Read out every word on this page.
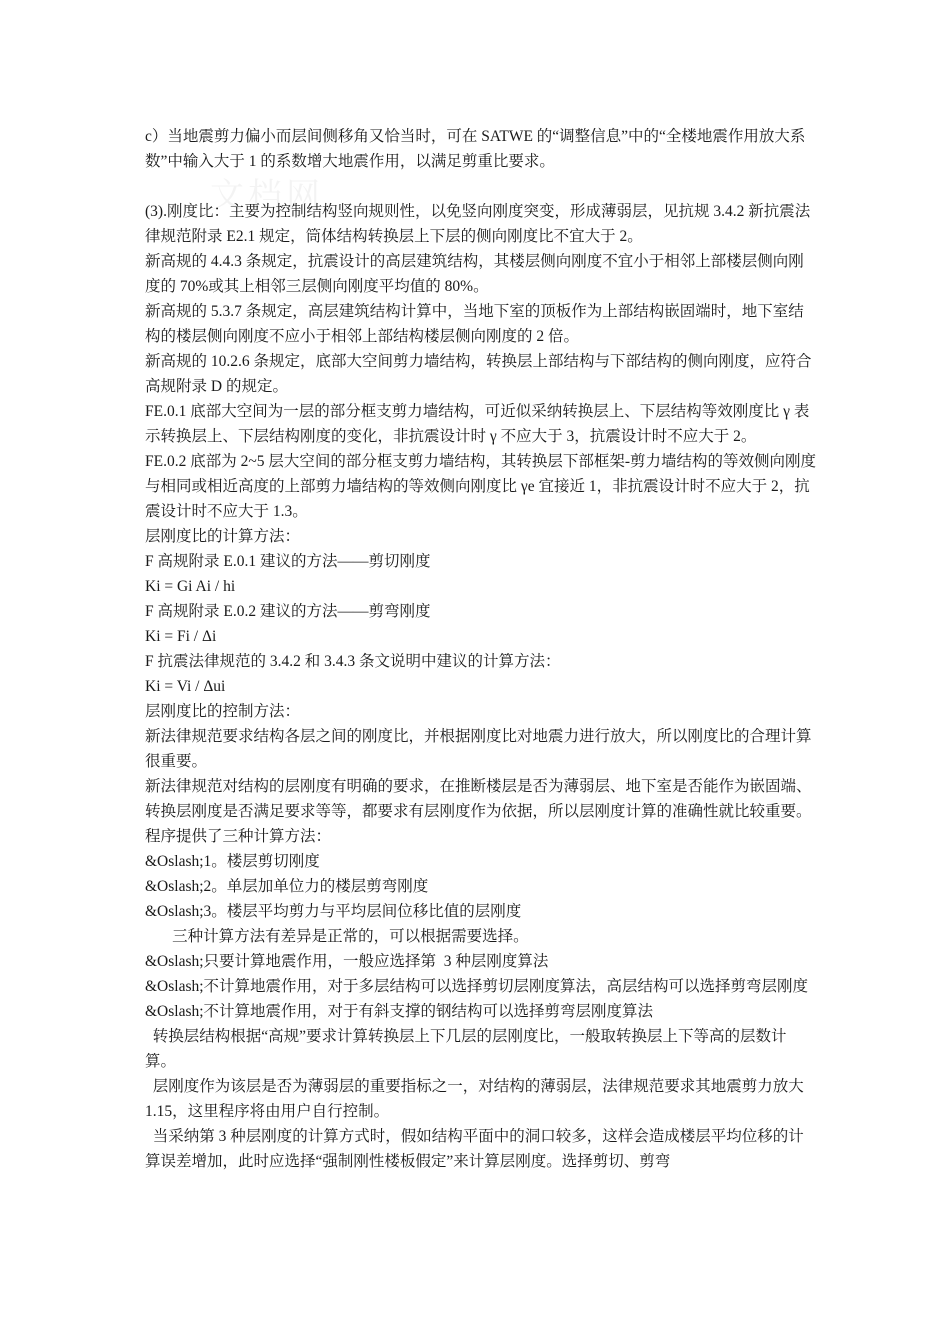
c）当地震剪力偏小而层间侧移角又恰当时，可在 SATWE 的“调整信息”中的“全楼地震作用放大系数”中输入大于 1 的系数增大地震作用，以满足剪重比要求。

(3).刚度比：主要为控制结构竖向规则性，以免竖向刚度突变，形成薄弱层，见抗规 3.4.2 新抗震法律规范附录 E2.1 规定，筒体结构转换层上下层的侧向刚度比不宜大于 2。

新高规的 4.4.3 条规定，抗震设计的高层建筑结构，其楼层侧向刚度不宜小于相邻上部楼层侧向刚度的 70%或其上相邻三层侧向刚度平均值的 80%。

新高规的 5.3.7 条规定，高层建筑结构计算中，当地下室的顶板作为上部结构嵌固端时，地下室结构的楼层侧向刚度不应小于相邻上部结构楼层侧向刚度的 2 倍。

新高规的 10.2.6 条规定，底部大空间剪力墙结构，转换层上部结构与下部结构的侧向刚度，应符合高规附录 D 的规定。

FE.0.1 底部大空间为一层的部分框支剪力墙结构，可近似采纳转换层上、下层结构等效刚度比 γ 表示转换层上、下层结构刚度的变化，非抗震设计时 γ 不应大于 3，抗震设计时不应大于 2。

FE.0.2 底部为 2~5 层大空间的部分框支剪力墙结构，其转换层下部框架-剪力墙结构的等效侧向刚度与相同或相近高度的上部剪力墙结构的等效侧向刚度比 γe 宜接近 1，非抗震设计时不应大于 2，抗震设计时不应大于 1.3。

层刚度比的计算方法：

F 高规附录 E.0.1 建议的方法——剪切刚度

Ki = Gi Ai / hi

F 高规附录 E.0.2 建议的方法——剪弯刚度

Ki = Fi / Δi

F 抗震法律规范的 3.4.2 和 3.4.3 条文说明中建议的计算方法：

Ki = Vi / Δui

层刚度比的控制方法：

新法律规范要求结构各层之间的刚度比，并根据刚度比对地震力进行放大，所以刚度比的合理计算很重要。

新法律规范对结构的层刚度有明确的要求，在推断楼层是否为薄弱层、地下室是否能作为嵌固端、转换层刚度是否满足要求等等，都要求有层刚度作为依据，所以层刚度计算的准确性就比较重要。程序提供了三种计算方法：

&Oslash;1。楼层剪切刚度

&Oslash;2。单层加单位力的楼层剪弯刚度

&Oslash;3。楼层平均剪力与平均层间位移比值的层刚度

三种计算方法有差异是正常的，可以根据需要选择。

&Oslash;只要计算地震作用，一般应选择第  3 种层刚度算法

&Oslash;不计算地震作用，对于多层结构可以选择剪切层刚度算法，高层结构可以选择剪弯层刚度

&Oslash;不计算地震作用，对于有斜支撑的钢结构可以选择剪弯层刚度算法

转换层结构根据“高规”要求计算转换层上下几层的层刚度比，一般取转换层上下等高的层数计算。

层刚度作为该层是否为薄弱层的重要指标之一，对结构的薄弱层，法律规范要求其地震剪力放大 1.15，这里程序将由用户自行控制。

当采纳第 3 种层刚度的计算方式时，假如结构平面中的洞口较多，这样会造成楼层平均位移的计算误差增加，此时应选择“强制刚性楼板假定”来计算层刚度。选择剪切、剪弯
